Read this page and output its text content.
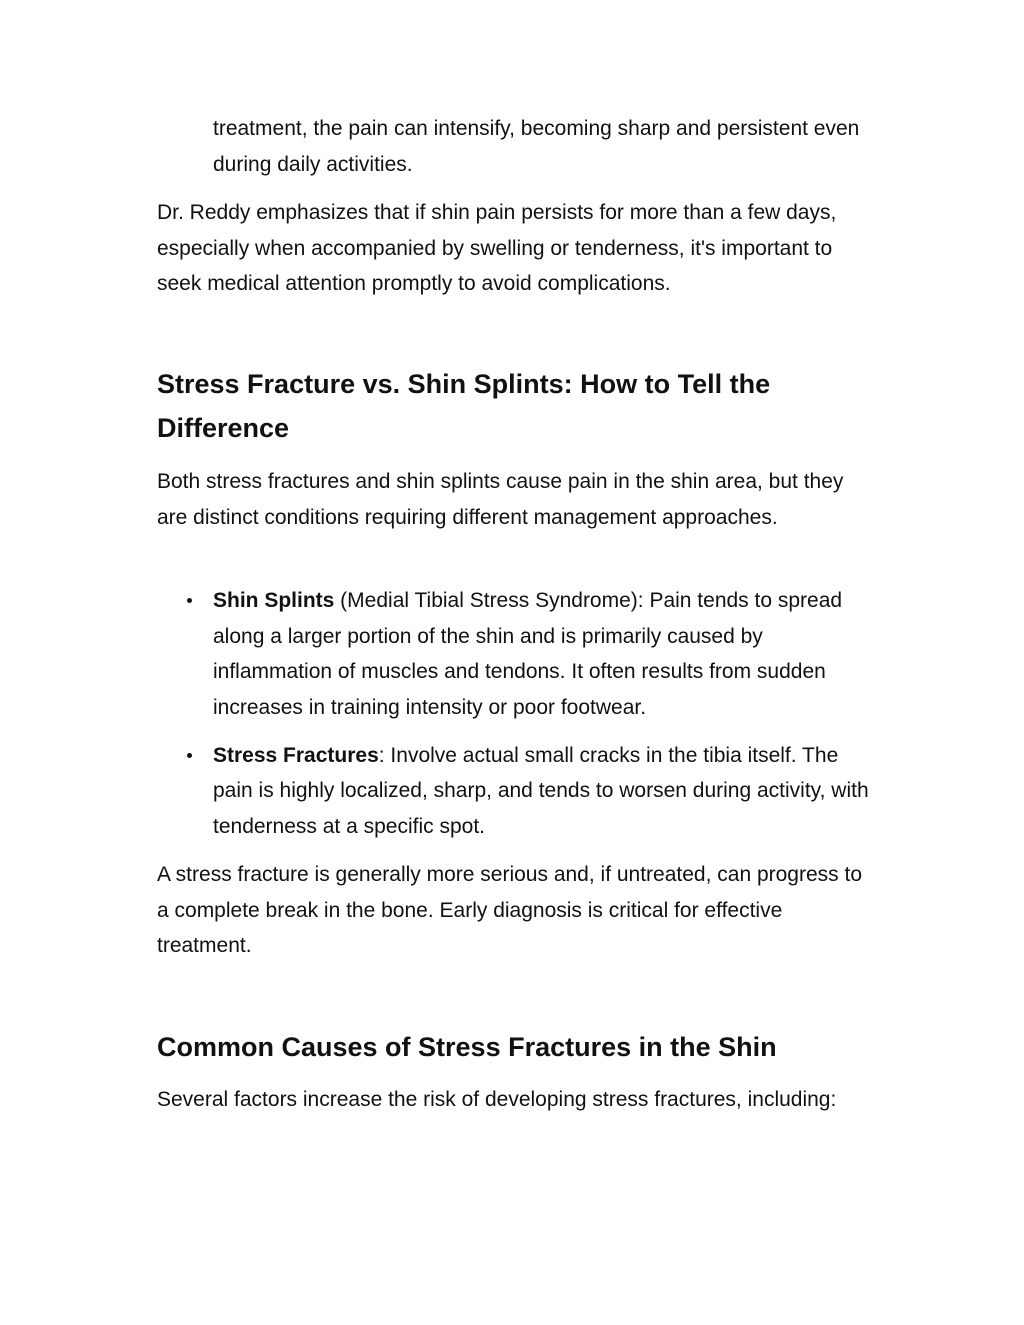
treatment, the pain can intensify, becoming sharp and persistent even during daily activities.

Dr. Reddy emphasizes that if shin pain persists for more than a few days, especially when accompanied by swelling or tenderness, it's important to seek medical attention promptly to avoid complications.

Stress Fracture vs. Shin Splints: How to Tell the Difference

Both stress fractures and shin splints cause pain in the shin area, but they are distinct conditions requiring different management approaches.

Shin Splints (Medial Tibial Stress Syndrome): Pain tends to spread along a larger portion of the shin and is primarily caused by inflammation of muscles and tendons. It often results from sudden increases in training intensity or poor footwear.
Stress Fractures: Involve actual small cracks in the tibia itself. The pain is highly localized, sharp, and tends to worsen during activity, with tenderness at a specific spot.

A stress fracture is generally more serious and, if untreated, can progress to a complete break in the bone. Early diagnosis is critical for effective treatment.

Common Causes of Stress Fractures in the Shin

Several factors increase the risk of developing stress fractures, including:
